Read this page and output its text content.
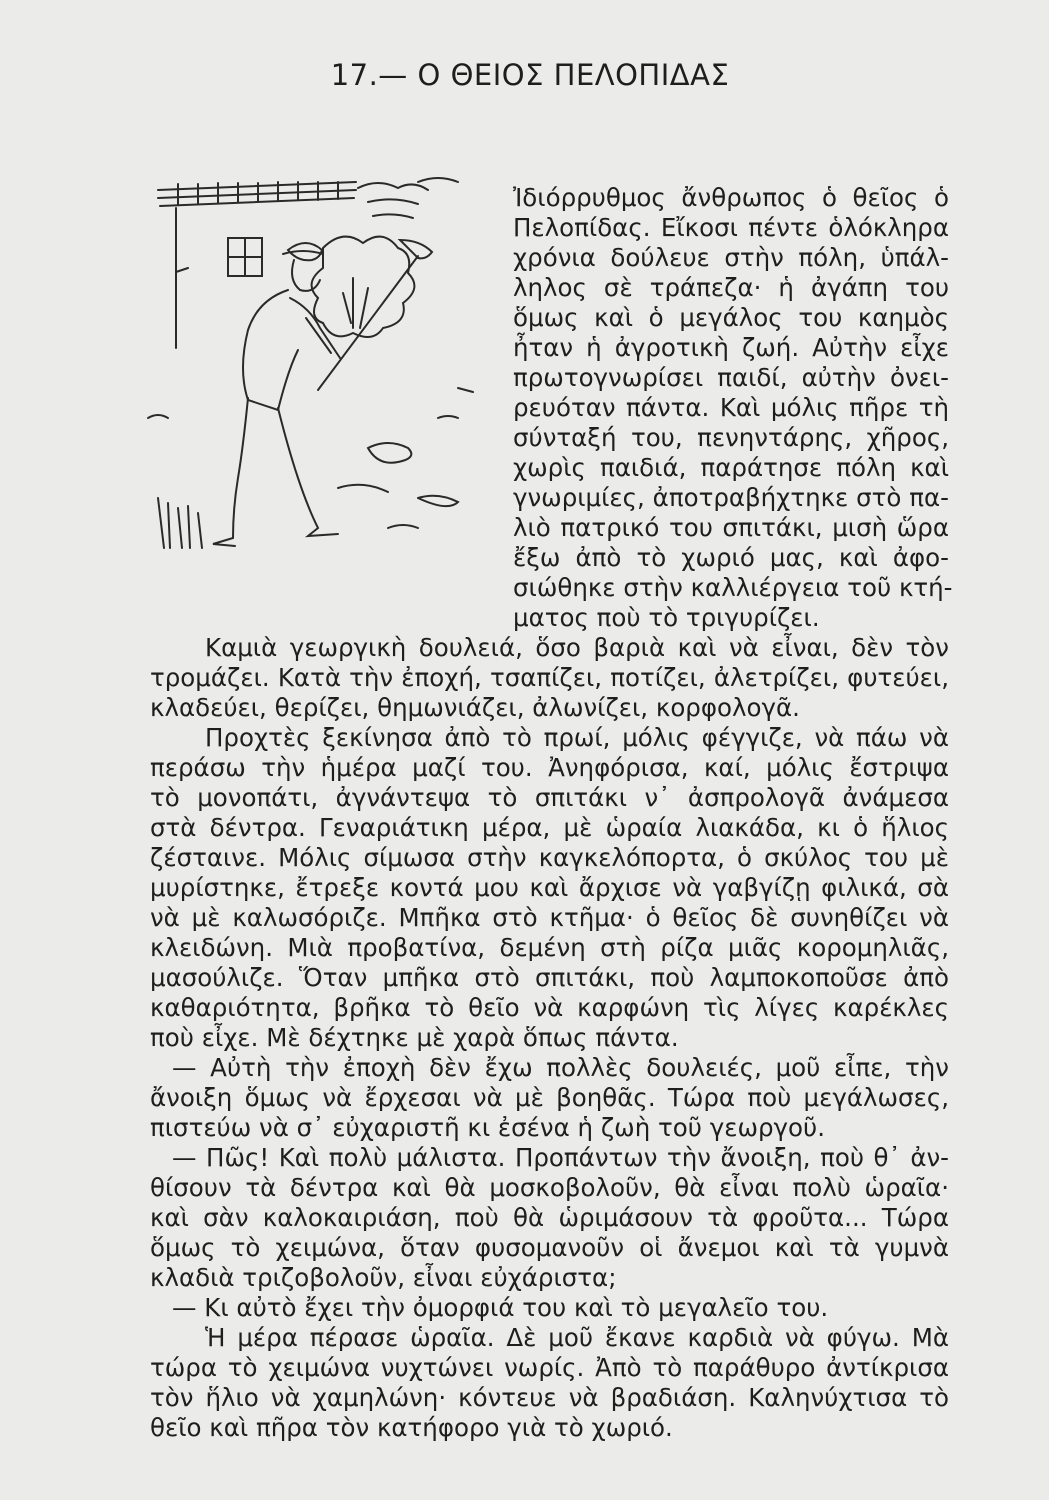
17.— Ο ΘΕΙΟΣ ΠΕΛΟΠΙΔΑΣ

Ἰδιόρρυθμος ἄνθρωπος ὁ θεῖος ὁ

Πελοπίδας. Εἴκοσι πέντε ὁλόκληρα

χρόνια δούλευε στὴν πόλη, ὑπάλ-

ληλος σὲ τράπεζα· ἡ ἀγάπη του

ὅμως καὶ ὁ μεγάλος του καημὸς

ἦταν ἡ ἀγροτικὴ ζωή. Αὐτὴν εἶχε

πρωτογνωρίσει παιδί, αὐτὴν ὀνει-

ρευόταν πάντα. Καὶ μόλις πῆρε τὴ

σύνταξή του, πενηντάρης, χῆρος,

χωρὶς παιδιά, παράτησε πόλη καὶ

γνωριμίες, ἀποτραβήχτηκε στὸ πα-

λιὸ πατρικό του σπιτάκι, μισὴ ὥρα

ἔξω ἀπὸ τὸ χωριό μας, καὶ ἀφο-

σιώθηκε στὴν καλλιέργεια τοῦ κτή-

ματος ποὺ τὸ τριγυρίζει.

Καμιὰ γεωργικὴ δουλειά, ὅσο βαριὰ καὶ νὰ εἶναι, δὲν τὸν

τρομάζει. Κατὰ τὴν ἐποχή, τσαπίζει, ποτίζει, ἀλετρίζει, φυτεύει,

κλαδεύει, θερίζει, θημωνιάζει, ἀλωνίζει, κορφολογᾶ.

Προχτὲς ξεκίνησα ἀπὸ τὸ πρωί, μόλις φέγγιζε, νὰ πάω νὰ

περάσω τὴν ἡμέρα μαζί του. Ἀνηφόρισα, καί, μόλις ἔστριψα

τὸ μονοπάτι, ἀγνάντεψα τὸ σπιτάκι ν᾿ ἀσπρολογᾶ ἀνάμεσα

στὰ δέντρα. Γεναριάτικη μέρα, μὲ ὡραία λιακάδα, κι ὁ ἥλιος

ζέσταινε. Μόλις σίμωσα στὴν καγκελόπορτα, ὁ σκύλος του μὲ

μυρίστηκε, ἔτρεξε κοντά μου καὶ ἄρχισε νὰ γαβγίζῃ φιλικά, σὰ

νὰ μὲ καλωσόριζε. Μπῆκα στὸ κτῆμα· ὁ θεῖος δὲ συνηθίζει νὰ

κλειδώνη. Μιὰ προβατίνα, δεμένη στὴ ρίζα μιᾶς κορομηλιᾶς,

μασούλιζε. Ὅταν μπῆκα στὸ σπιτάκι, ποὺ λαμποκοποῦσε ἀπὸ

καθαριότητα, βρῆκα τὸ θεῖο νὰ καρφώνη τὶς λίγες καρέκλες

ποὺ εἶχε. Μὲ δέχτηκε μὲ χαρὰ ὅπως πάντα.

— Αὐτὴ τὴν ἐποχὴ δὲν ἔχω πολλὲς δουλειές, μοῦ εἶπε, τὴν

ἄνοιξη ὅμως νὰ ἔρχεσαι νὰ μὲ βοηθᾶς. Τώρα ποὺ μεγάλωσες,

πιστεύω νὰ σ᾿ εὐχαριστῆ κι ἐσένα ἡ ζωὴ τοῦ γεωργοῦ.

— Πῶς! Καὶ πολὺ μάλιστα. Προπάντων τὴν ἄνοιξη, ποὺ θ᾿ ἀν-

θίσουν τὰ δέντρα καὶ θὰ μοσκοβολοῦν, θὰ εἶναι πολὺ ὡραῖα·

καὶ σὰν καλοκαιριάση, ποὺ θὰ ὡριμάσουν τὰ φροῦτα... Τώρα

ὅμως τὸ χειμώνα, ὅταν φυσομανοῦν οἱ ἄνεμοι καὶ τὰ γυμνὰ

κλαδιὰ τριζοβολοῦν, εἶναι εὐχάριστα;

— Κι αὐτὸ ἔχει τὴν ὀμορφιά του καὶ τὸ μεγαλεῖο του.

Ἡ μέρα πέρασε ὡραῖα. Δὲ μοῦ ἔκανε καρδιὰ νὰ φύγω. Μὰ

τώρα τὸ χειμώνα νυχτώνει νωρίς. Ἀπὸ τὸ παράθυρο ἀντίκρισα

τὸν ἥλιο νὰ χαμηλώνη· κόντευε νὰ βραδιάση. Καληνύχτισα τὸ

θεῖο καὶ πῆρα τὸν κατήφορο γιὰ τὸ χωριό.
